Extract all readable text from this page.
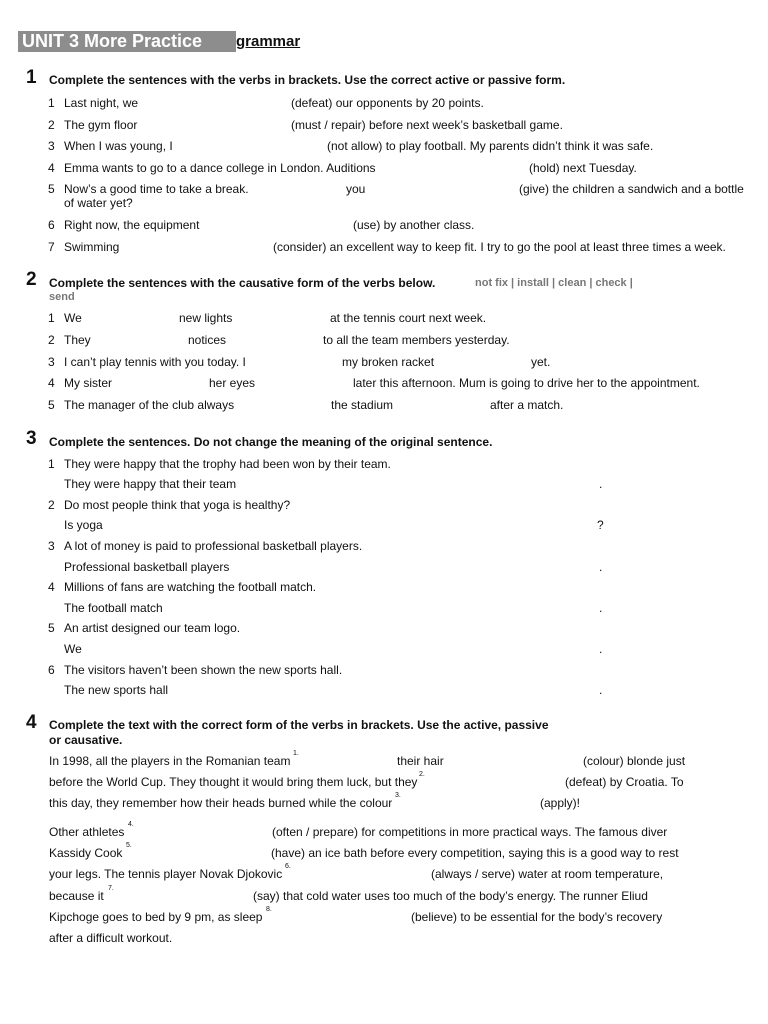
UNIT 3 More Practice	grammar
1 Complete the sentences with the verbs in brackets. Use the correct active or passive form.
1 Last night, we	(defeat) our opponents by 20 points.
2 The gym floor	(must / repair) before next week’s basketball game.
3 When I was young, I	(not allow) to play football. My parents didn’t think it was safe.
4 Emma wants to go to a dance college in London. Auditions	(hold) next Tuesday.
5 Now’s a good time to take a break.	you	(give) the children a sandwich and a bottle
of water yet?
6 Right now, the equipment	(use) by another class.
7 Swimming	(consider) an excellent way to keep fit. I try to go the pool at least three times a week.
2 Complete the sentences with the causative form of the verbs below.	not fix | install | clean | check |
send
1 We	new lights	at the tennis court next week.
2 They	notices	to all the team members yesterday.
3 I can’t play tennis with you today. I	my broken racket	yet.
4 My sister	her eyes	later this afternoon. Mum is going to drive her to the appointment.
5 The manager of the club always	the stadium	after a match.
3 Complete the sentences. Do not change the meaning of the original sentence.
1 They were happy that the trophy had been won by their team.
They were happy that their team	.
2 Do most people think that yoga is healthy?
Is yoga	?
3 A lot of money is paid to professional basketball players.
Professional basketball players	.
4 Millions of fans are watching the football match.
The football match	.
5 An artist designed our team logo.
We	.
6 The visitors haven’t been shown the new sports hall.
The new sports hall	.
4 Complete the text with the correct form of the verbs in brackets. Use the active, passive
or causative.
In 1998, all the players in the Romanian team
1.
their hair	(colour) blonde just
before the World Cup. They thought it would bring them luck, but they
2.
(defeat) by Croatia. To
this day, they remember how their heads burned while the colour
3.
(apply)!
Other athletes
4.
(often / prepare) for competitions in more practical ways. The famous diver
Kassidy Cook
5.
(have) an ice bath before every competition, saying this is a good way to rest
your legs. The tennis player Novak Djokovic
6.
(always / serve) water at room temperature,
because it
7.
(say) that cold water uses too much of the body’s energy. The runner Eliud
Kipchoge goes to bed by 9 pm, as sleep
8.
(believe) to be essential for the body’s recovery
after a difficult workout.
